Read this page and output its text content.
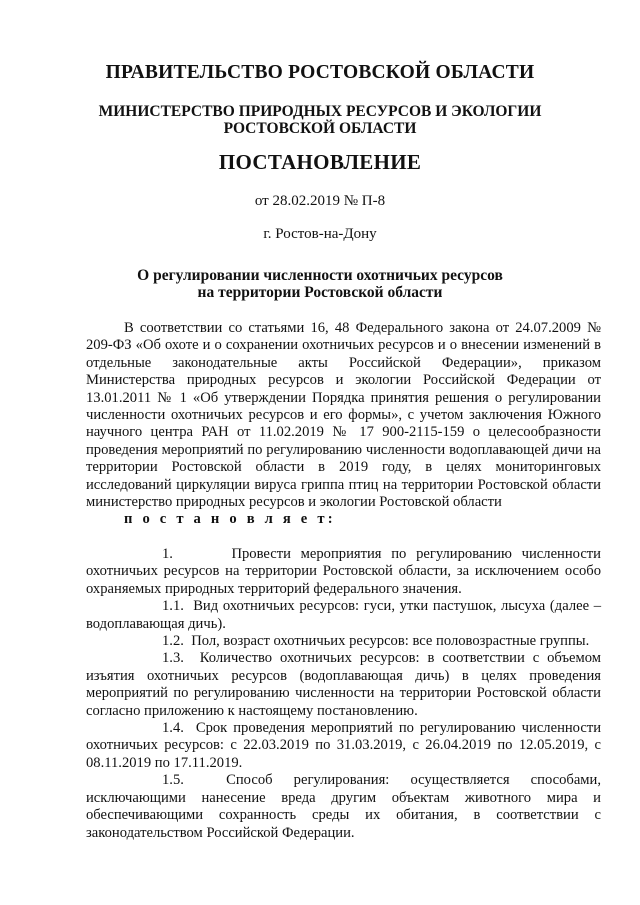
ПРАВИТЕЛЬСТВО РОСТОВСКОЙ ОБЛАСТИ
МИНИСТЕРСТВО ПРИРОДНЫХ РЕСУРСОВ И ЭКОЛОГИИ
РОСТОВСКОЙ ОБЛАСТИ
ПОСТАНОВЛЕНИЕ
от 28.02.2019 № П-8
г. Ростов-на-Дону
О регулировании численности охотничьих ресурсов
на территории Ростовской области

В соответствии со статьями 16, 48 Федерального закона от 24.07.2009 № 209-ФЗ «Об охоте и о сохранении охотничьих ресурсов и о внесении изменений в отдельные законодательные акты Российской Федерации», приказом Министерства природных ресурсов и экологии Российской Федерации от 13.01.2011 № 1 «Об утверждении Порядка принятия решения о регулировании численности охотничьих ресурсов и его формы», с учетом заключения Южного научного центра РАН от 11.02.2019 № 17 900-2115-159 о целесообразности проведения мероприятий по регулированию численности водоплавающей дичи на территории Ростовской области в 2019 году, в целях мониторинговых исследований циркуляции вируса гриппа птиц на территории Ростовской области министерство природных ресурсов и экологии Ростовской области

п о с т а н о в л я е т:

1.	Провести мероприятия по регулированию численности охотничьих ресурсов на территории Ростовской области, за исключением особо охраняемых природных территорий федерального значения.

1.1. Вид охотничьих ресурсов: гуси, утки пастушок, лысуха (далее – водоплавающая дичь).

1.2. Пол, возраст охотничьих ресурсов: все половозрастные группы.

1.3. Количество охотничьих ресурсов: в соответствии с объемом изъятия охотничьих ресурсов (водоплавающая дичь) в целях проведения мероприятий по регулированию численности на территории Ростовской области согласно приложению к настоящему постановлению.

1.4. Срок проведения мероприятий по регулированию численности охотничьих ресурсов: с 22.03.2019 по 31.03.2019, с 26.04.2019 по 12.05.2019, с 08.11.2019 по 17.11.2019.

1.5.	Способ регулирования: осуществляется способами, исключающими нанесение вреда другим объектам животного мира и обеспечивающими сохранность среды их обитания, в соответствии с законодательством Российской Федерации.
